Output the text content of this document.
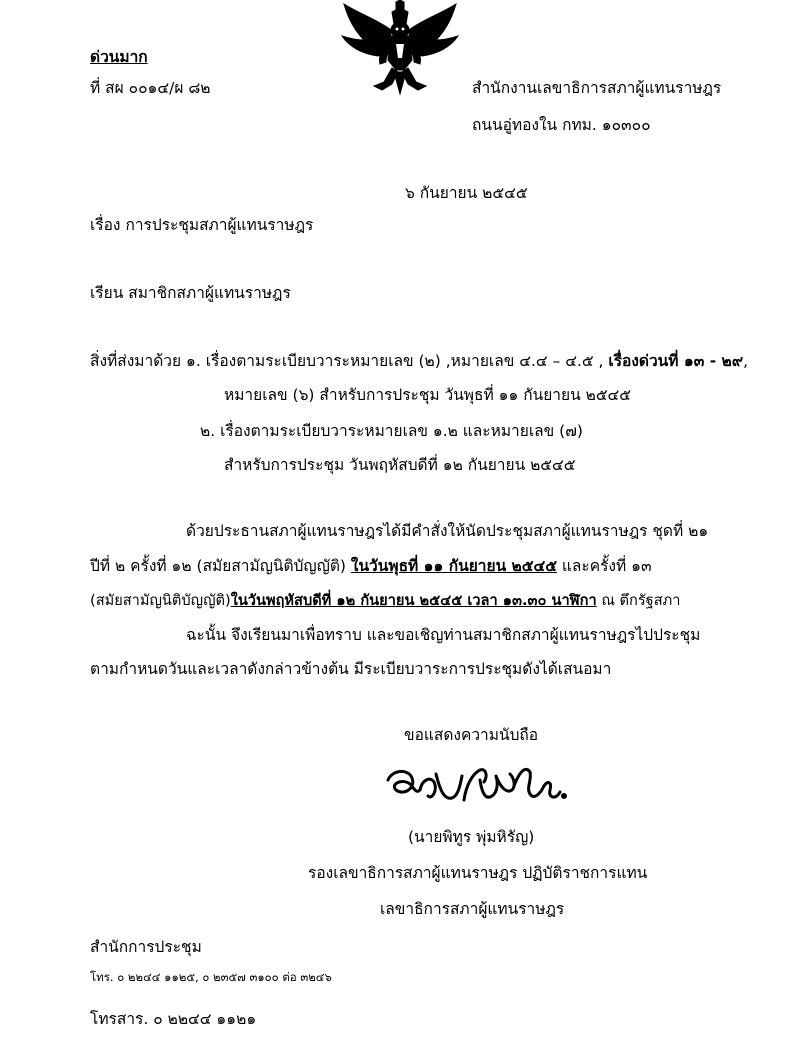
ด่วนมาก
ที่ สผ ๐๐๑๔/ผ ๘๒	สำนักงานเลขาธิการสภาผู้แทนราษฎร
ถนนอู่ทองใน กทม. ๑๐๓๐๐
๖ กันยายน ๒๕๔๕
เรื่อง การประชุมสภาผู้แทนราษฎร
เรียน สมาชิกสภาผู้แทนราษฎร
สิ่งที่ส่งมาด้วย ๑. เรื่องตามระเบียบวาระหมายเลข (๒) ,หมายเลข ๔.๔ – ๔.๕ , เรื่องด่วนที่ ๑๓ - ๒๙,
หมายเลข (๖) สำหรับการประชุม วันพุธที่ ๑๑ กันยายน ๒๕๔๕
๒. เรื่องตามระเบียบวาระหมายเลข ๑.๒ และหมายเลข (๗)
สำหรับการประชุม วันพฤหัสบดีที่ ๑๒ กันยายน ๒๕๔๕
ด้วยประธานสภาผู้แทนราษฎรได้มีคำสั่งให้นัดประชุมสภาผู้แทนราษฎร ชุดที่ ๒๑
ปีที่ ๒ ครั้งที่ ๑๒ (สมัยสามัญนิติบัญญัติ) ในวันพุธที่ ๑๑ กันยายน ๒๕๔๕ และครั้งที่ ๑๓
(สมัยสามัญนิติบัญญัติ)ในวันพฤหัสบดีที่ ๑๒ กันยายน ๒๕๔๕ เวลา ๑๓.๓๐ นาฬิกา ณ ตึกรัฐสภา
ฉะนั้น จึงเรียนมาเพื่อทราบ และขอเชิญท่านสมาชิกสภาผู้แทนราษฎรไปประชุม
ตามกำหนดวันและเวลาดังกล่าวข้างต้น มีระเบียบวาระการประชุมดังได้เสนอมา
ขอแสดงความนับถือ
(นายพิทูร พุ่มหิรัญ)
รองเลขาธิการสภาผู้แทนราษฎร ปฏิบัติราชการแทน
เลขาธิการสภาผู้แทนราษฎร
สำนักการประชุม
โทร. ๐ ๒๒๔๔ ๑๑๒๕, ๐ ๒๓๕๗ ๓๑๐๐ ต่อ ๓๒๔๖
โทรสาร. ๐ ๒๒๔๔ ๑๑๒๑
